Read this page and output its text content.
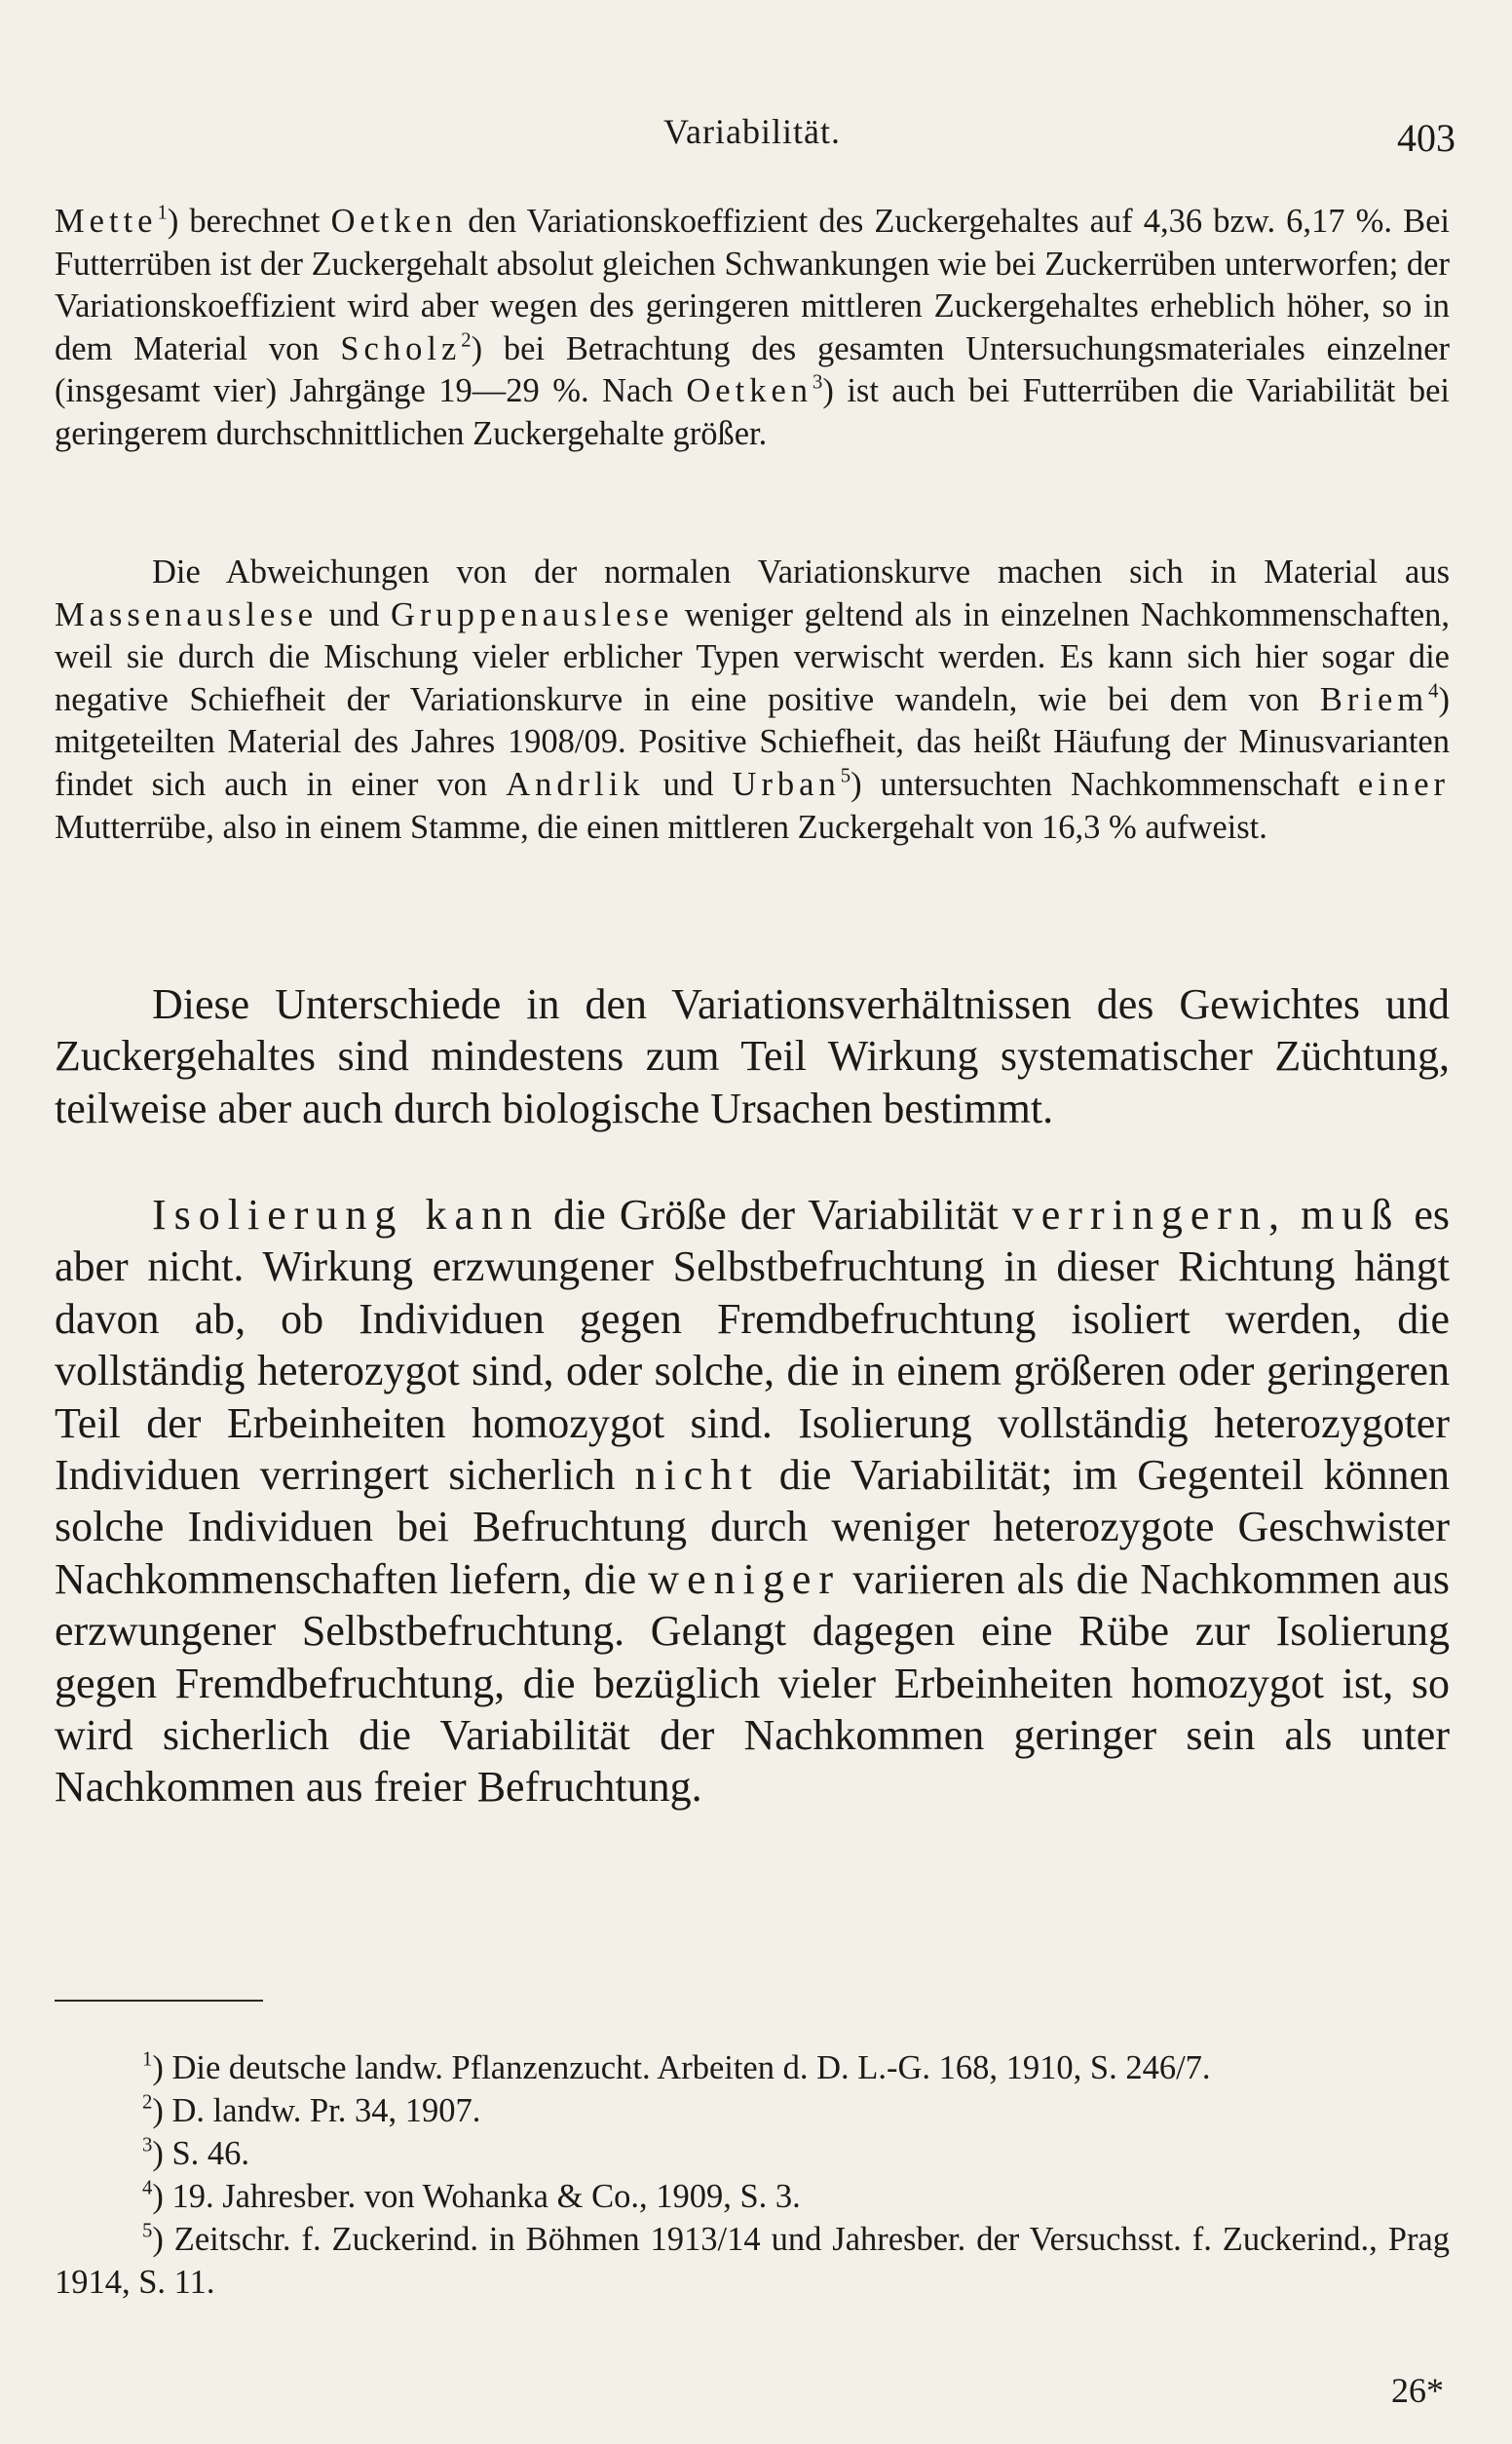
Variabilität.	403

Mette$^1$) berechnet Oetken den Variationskoeffizient des Zuckergehaltes auf 4,36 bzw. 6,17 %. Bei Futterrüben ist der Zuckergehalt absolut gleichen Schwankungen wie bei Zuckerrüben unterworfen; der Variationskoeffizient wird aber wegen des geringeren mittleren Zuckergehaltes erheblich höher, so in dem Material von Scholz$^2$) bei Betrachtung des gesamten Untersuchungsmateriales einzelner (insgesamt vier) Jahrgänge 19—29 %. Nach Oetken$^3$) ist auch bei Futterrüben die Variabilität bei geringerem durchschnittlichen Zuckergehalte größer.

Die Abweichungen von der normalen Variationskurve machen sich in Material aus Massenauslese und Gruppenauslese weniger geltend als in einzelnen Nachkommenschaften, weil sie durch die Mischung vieler erblicher Typen verwischt werden. Es kann sich hier sogar die negative Schiefheit der Variationskurve in eine positive wandeln, wie bei dem von Briem$^4$) mitgeteilten Material des Jahres 1908/09. Positive Schiefheit, das heißt Häufung der Minusvarianten findet sich auch in einer von Andrlik und Urban$^5$) untersuchten Nachkommenschaft einer Mutterrübe, also in einem Stamme, die einen mittleren Zuckergehalt von 16,3 % aufweist.

Diese Unterschiede in den Variationsverhältnissen des Gewichtes und Zuckergehaltes sind mindestens zum Teil Wirkung systematischer Züchtung, teilweise aber auch durch biologische Ursachen bestimmt.

Isolierung kann die Größe der Variabilität verringern, muß es aber nicht. Wirkung erzwungener Selbstbefruchtung in dieser Richtung hängt davon ab, ob Individuen gegen Fremdbefruchtung isoliert werden, die vollständig heterozygot sind, oder solche, die in einem größeren oder geringeren Teil der Erbeinheiten homozygot sind. Isolierung vollständig heterozygoter Individuen verringert sicherlich nicht die Variabilität; im Gegenteil können solche Individuen bei Befruchtung durch weniger heterozygote Geschwister Nachkommenschaften liefern, die weniger variieren als die Nachkommen aus erzwungener Selbstbefruchtung. Gelangt dagegen eine Rübe zur Isolierung gegen Fremdbefruchtung, die bezüglich vieler Erbeinheiten homozygot ist, so wird sicherlich die Variabilität der Nachkommen geringer sein als unter Nachkommen aus freier Befruchtung.

$^1$) Die deutsche landw. Pflanzenzucht. Arbeiten d. D. L.-G. 168, 1910, S. 246/7.

$^2$) D. landw. Pr. 34, 1907.

$^3$) S. 46.

$^4$) 19. Jahresber. von Wohanka & Co., 1909, S. 3.

$^5$) Zeitschr. f. Zuckerind. in Böhmen 1913/14 und Jahresber. der Versuchsst. f. Zuckerind., Prag 1914, S. 11.

26*
